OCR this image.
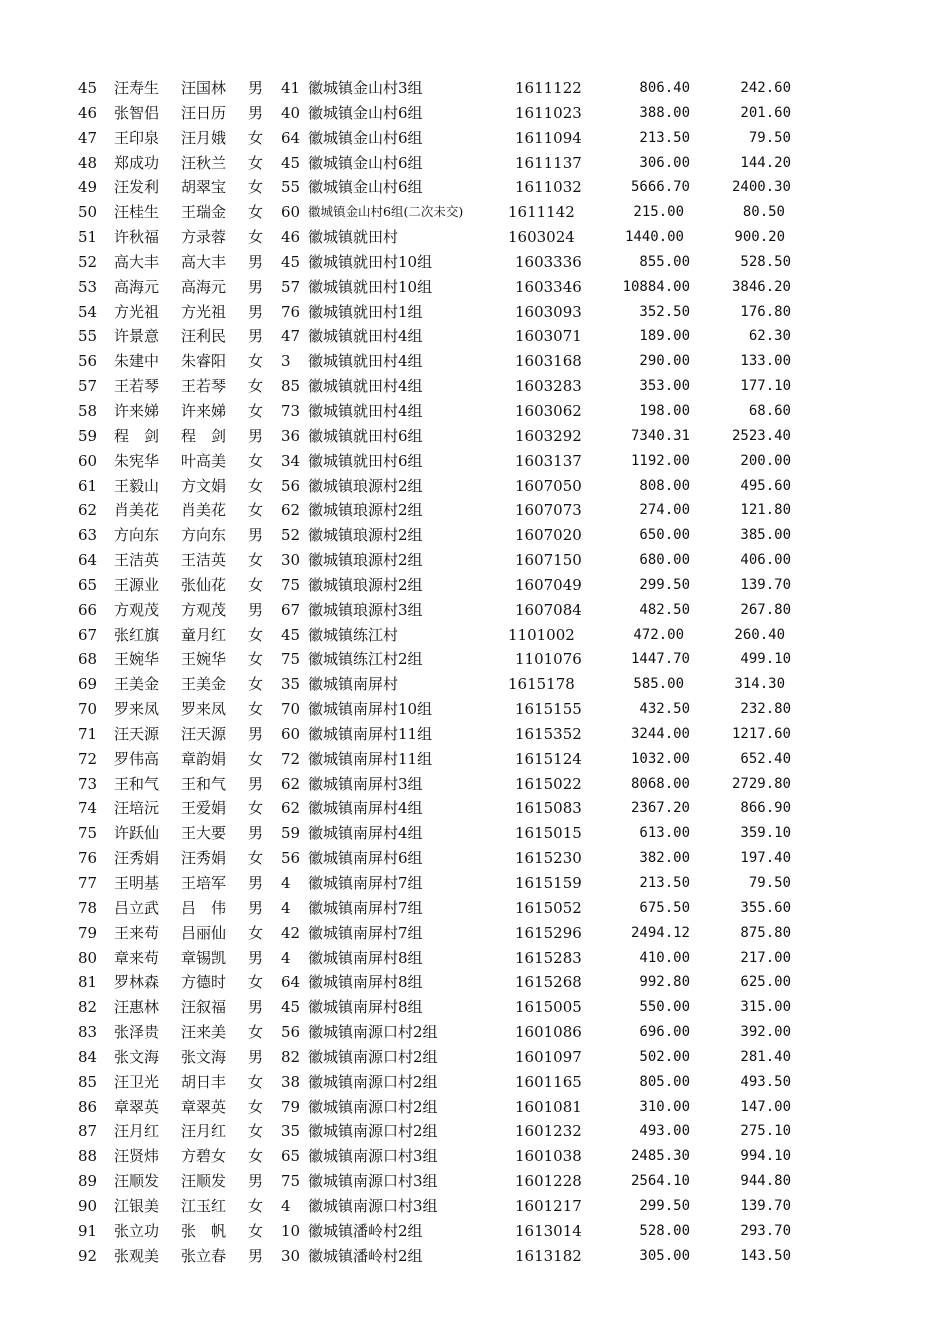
45	汪寿生	汪国林	男	41 徽城镇金山村3组	1611122	806.40	242.60
46	张智侣	汪日历	男	40 徽城镇金山村6组	1611023	388.00	201.60
47	王印泉	汪月娥	女	64 徽城镇金山村6组	1611094	213.50	79.50
48	郑成功	汪秋兰	女	45 徽城镇金山村6组	1611137	306.00	144.20
49	汪发利	胡翠宝	女	55 徽城镇金山村6组	1611032	5666.70	2400.30
50	汪桂生	王瑞金	女	60 徽城镇金山村6组(二次未交)	1611142	215.00	80.50
51	许秋福	方录蓉	女	46 徽城镇就田村	1603024	1440.00	900.20
52	高大丰	高大丰	男	45 徽城镇就田村10组	1603336	855.00	528.50
53	高海元	高海元	男	57 徽城镇就田村10组	1603346	10884.00	3846.20
54	方光祖	方光祖	男	76 徽城镇就田村1组	1603093	352.50	176.80
55	许景意	汪利民	男	47 徽城镇就田村4组	1603071	189.00	62.30
56	朱建中	朱睿阳	女	3	徽城镇就田村4组	1603168	290.00	133.00
57	王若琴	王若琴	女	85 徽城镇就田村4组	1603283	353.00	177.10
58	许来娣	许来娣	女	73 徽城镇就田村4组	1603062	198.00	68.60
59	程　剑	程　剑	男	36 徽城镇就田村6组	1603292	7340.31	2523.40
60	朱宪华	叶高美	女	34 徽城镇就田村6组	1603137	1192.00	200.00
61	王毅山	方文娟	女	56 徽城镇琅源村2组	1607050	808.00	495.60
62	肖美花	肖美花	女	62 徽城镇琅源村2组	1607073	274.00	121.80
63	方向东	方向东	男	52 徽城镇琅源村2组	1607020	650.00	385.00
64	王洁英	王洁英	女	30 徽城镇琅源村2组	1607150	680.00	406.00
65	王源业	张仙花	女	75 徽城镇琅源村2组	1607049	299.50	139.70
66	方观茂	方观茂	男	67 徽城镇琅源村3组	1607084	482.50	267.80
67	张红旗	童月红	女	45 徽城镇练江村	1101002	472.00	260.40
68	王婉华	王婉华	女	75 徽城镇练江村2组	1101076	1447.70	499.10
69	王美金	王美金	女	35 徽城镇南屏村	1615178	585.00	314.30
70	罗来凤	罗来凤	女	70 徽城镇南屏村10组	1615155	432.50	232.80
71	汪天源	汪天源	男	60 徽城镇南屏村11组	1615352	3244.00	1217.60
72	罗伟高	章韵娟	女	72 徽城镇南屏村11组	1615124	1032.00	652.40
73	王和气	王和气	男	62 徽城镇南屏村3组	1615022	8068.00	2729.80
74	汪培沅	王爱娟	女	62 徽城镇南屏村4组	1615083	2367.20	866.90
75	许跃仙	王大要	男	59 徽城镇南屏村4组	1615015	613.00	359.10
76	汪秀娟	汪秀娟	女	56 徽城镇南屏村6组	1615230	382.00	197.40
77	王明基	王培军	男	4	徽城镇南屏村7组	1615159	213.50	79.50
78	吕立武	吕　伟	男	4	徽城镇南屏村7组	1615052	675.50	355.60
79	王来苟	吕丽仙	女	42 徽城镇南屏村7组	1615296	2494.12	875.80
80	章来苟	章锡凯	男	4	徽城镇南屏村8组	1615283	410.00	217.00
81	罗林森	方德时	女	64 徽城镇南屏村8组	1615268	992.80	625.00
82	汪惠林	汪叙福	男	45 徽城镇南屏村8组	1615005	550.00	315.00
83	张泽贵	汪来美	女	56 徽城镇南源口村2组	1601086	696.00	392.00
84	张文海	张文海	男	82 徽城镇南源口村2组	1601097	502.00	281.40
85	汪卫光	胡日丰	女	38 徽城镇南源口村2组	1601165	805.00	493.50
86	章翠英	章翠英	女	79 徽城镇南源口村2组	1601081	310.00	147.00
87	汪月红	汪月红	女	35 徽城镇南源口村2组	1601232	493.00	275.10
88	汪贤炜	方碧女	女	65 徽城镇南源口村3组	1601038	2485.30	994.10
89	汪顺发	汪顺发	男	75 徽城镇南源口村3组	1601228	2564.10	944.80
90	江银美	江玉红	女	4	徽城镇南源口村3组	1601217	299.50	139.70
91	张立功	张　帆	女	10 徽城镇潘岭村2组	1613014	528.00	293.70
92	张观美	张立春	男	30 徽城镇潘岭村2组	1613182	305.00	143.50
